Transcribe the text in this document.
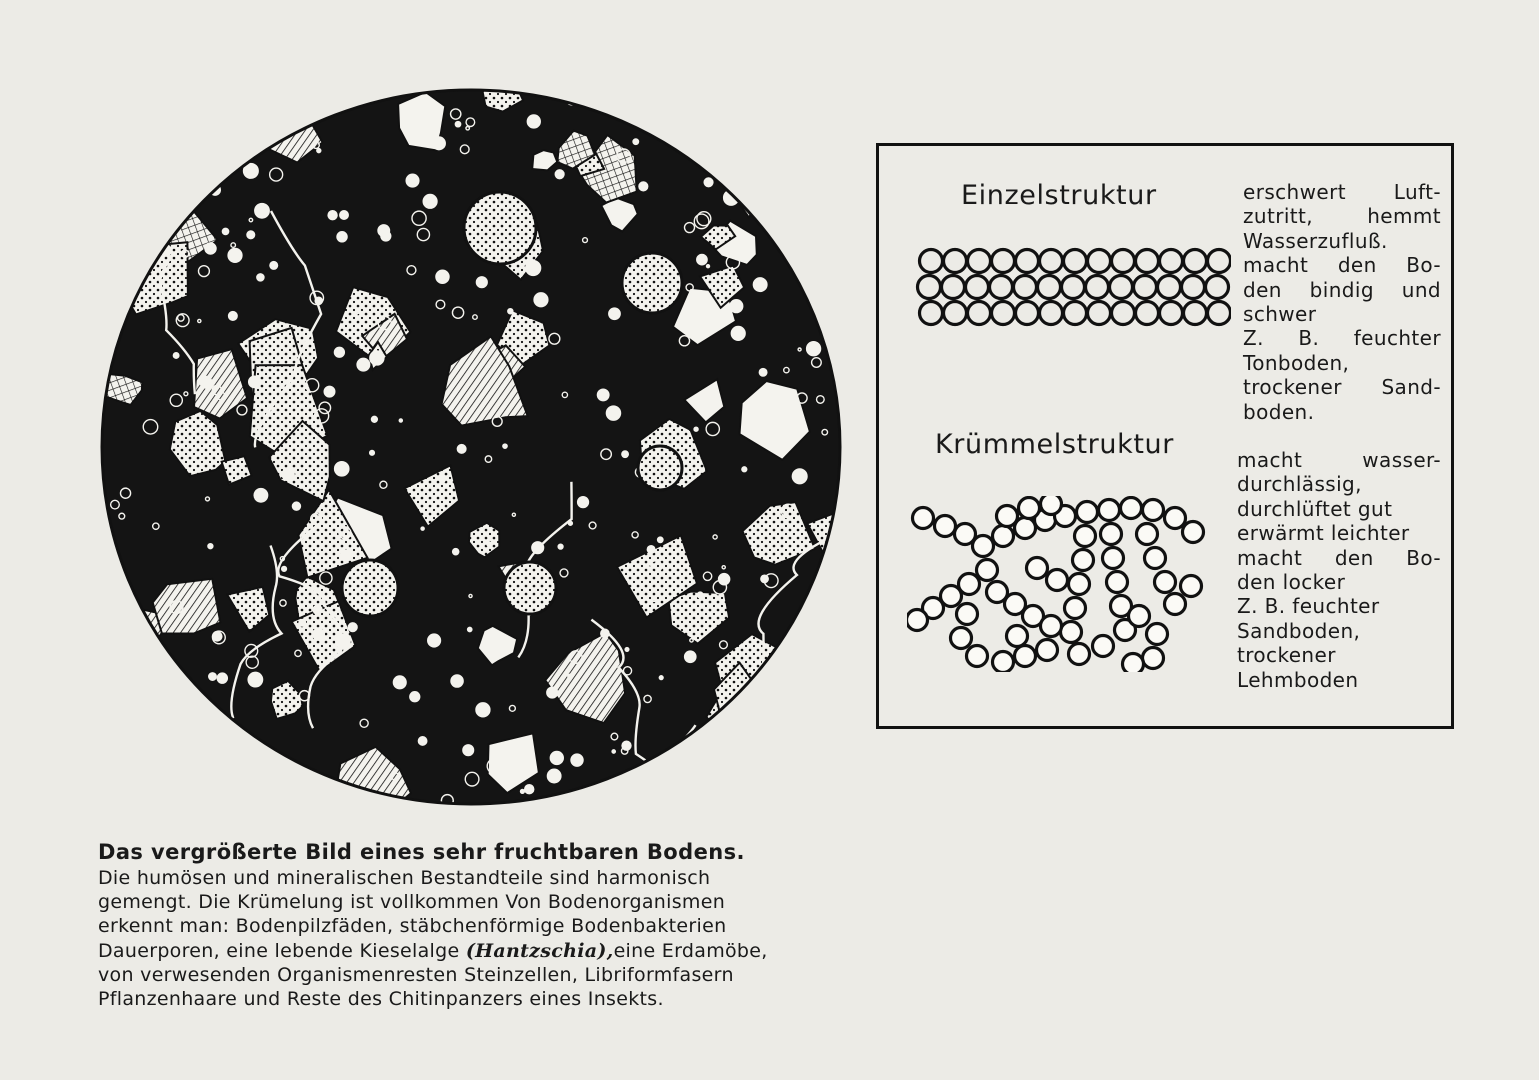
Einzelstruktur	erschwert Luft-
zutritt, hemmt
Wasserzufluß.
macht den Bo-
den bindig und
schwer
Z. B. feuchter
Tonboden,
trockener Sand-
boden.
Krümmelstruktur	macht wasser-
durchlässig,
durchlüftet gut
erwärmt leichter
macht den Bo-
den locker
Z. B. feuchter
Sandboden,
trockener
Lehmboden
Das vergrößerte Bild eines sehr fruchtbaren Bodens.
Die humösen und mineralischen Bestandteile sind harmonisch
gemengt. Die Krümelung ist vollkommen Von Bodenorganismen
erkennt man: Bodenpilzfäden, stäbchenförmige Bodenbakterien
Dauerporen, eine lebende Kieselalge (Hantzschia),eine Erdamöbe,
von verwesenden Organismenresten Steinzellen, Libriformfasern
Pflanzenhaare und Reste des Chitinpanzers eines Insekts.
